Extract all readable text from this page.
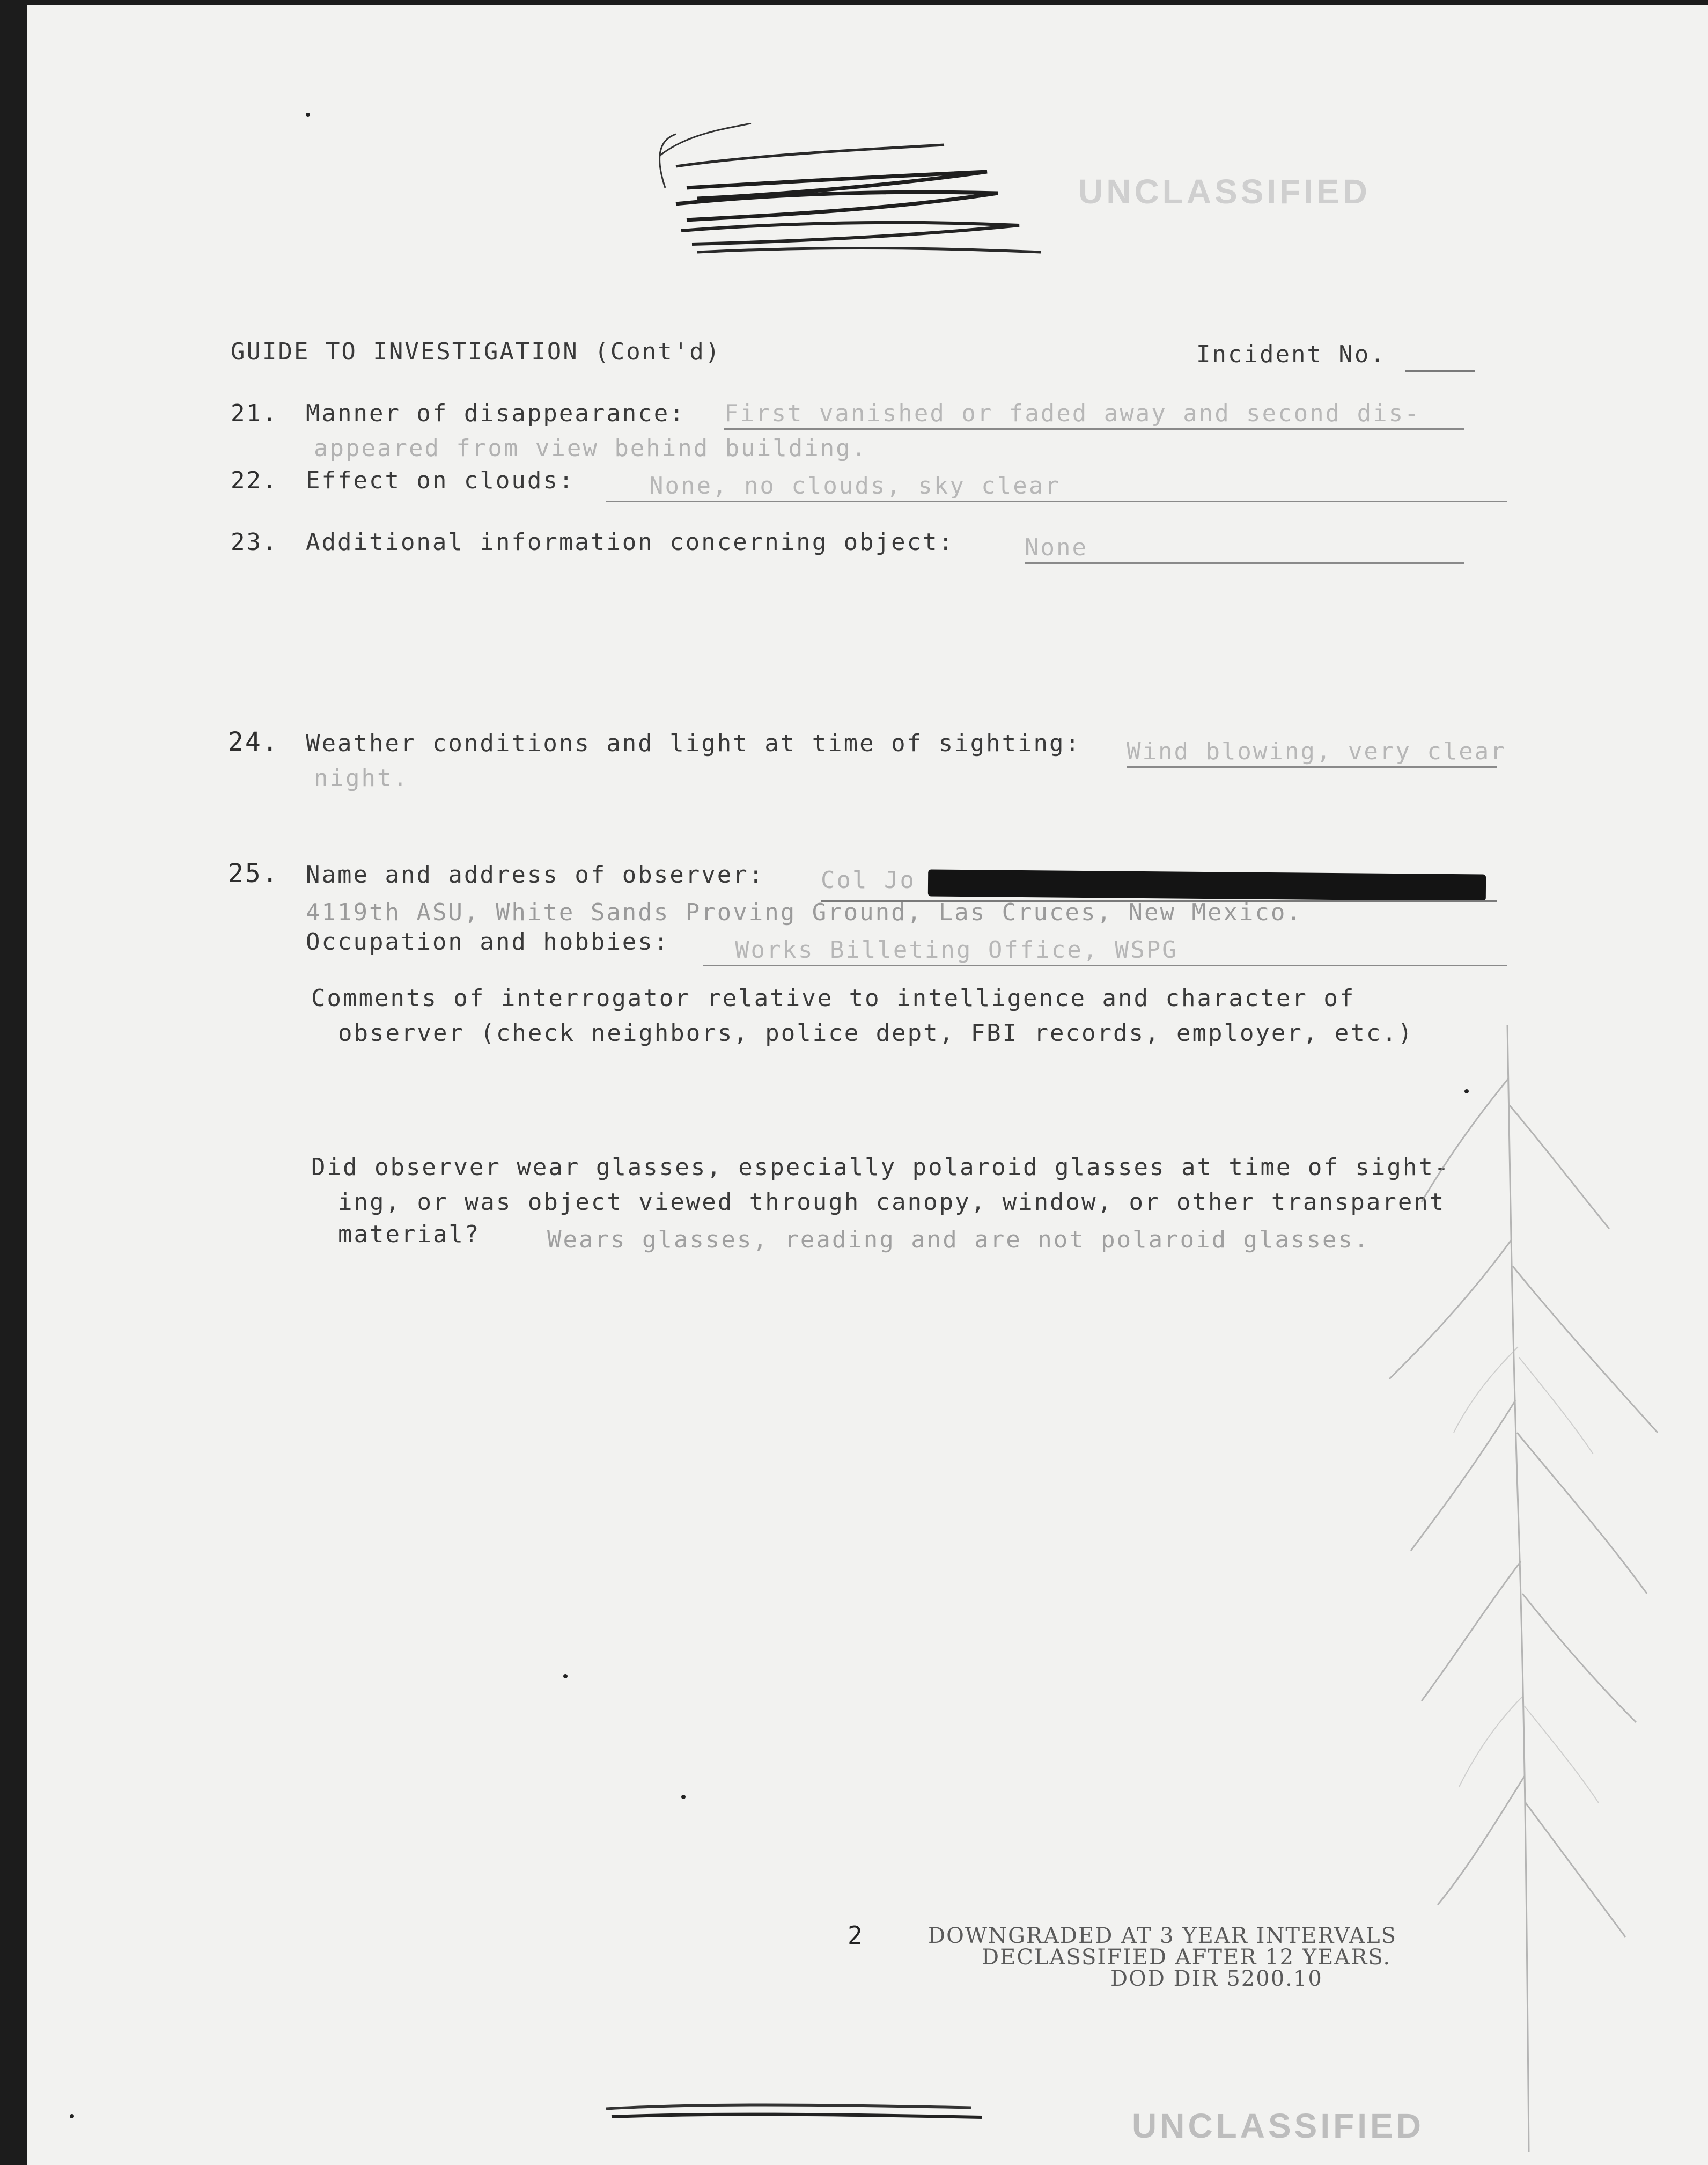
UNCLASSIFIED
GUIDE TO INVESTIGATION (Cont'd)	Incident No.
21. Manner of disappearance: First vanished or faded away and second dis-
appeared from view behind building.
22. Effect on clouds:	None, no clouds, sky clear
23. Additional information concerning object:	None
24. Weather conditions and light at time of sighting: Wind blowing, very clear
night.
25. Name and address of observer: Col Jo
4119th ASU, White Sands Proving Ground, Las Cruces, New Mexico.
Occupation and hobbies:	Works Billeting Office, WSPG
Comments of interrogator relative to intelligence and character of
observer (check neighbors, police dept, FBI records, employer, etc.)
Did observer wear glasses, especially polaroid glasses at time of sight-
ing, or was object viewed through canopy, window, or other transparent
material?	Wears glasses, reading and are not polaroid glasses.
2	DOWNGRADED AT 3 YEAR INTERVALS
DECLASSIFIED AFTER 12 YEARS.
DOD DIR 5200.10
UNCLASSIFIED
